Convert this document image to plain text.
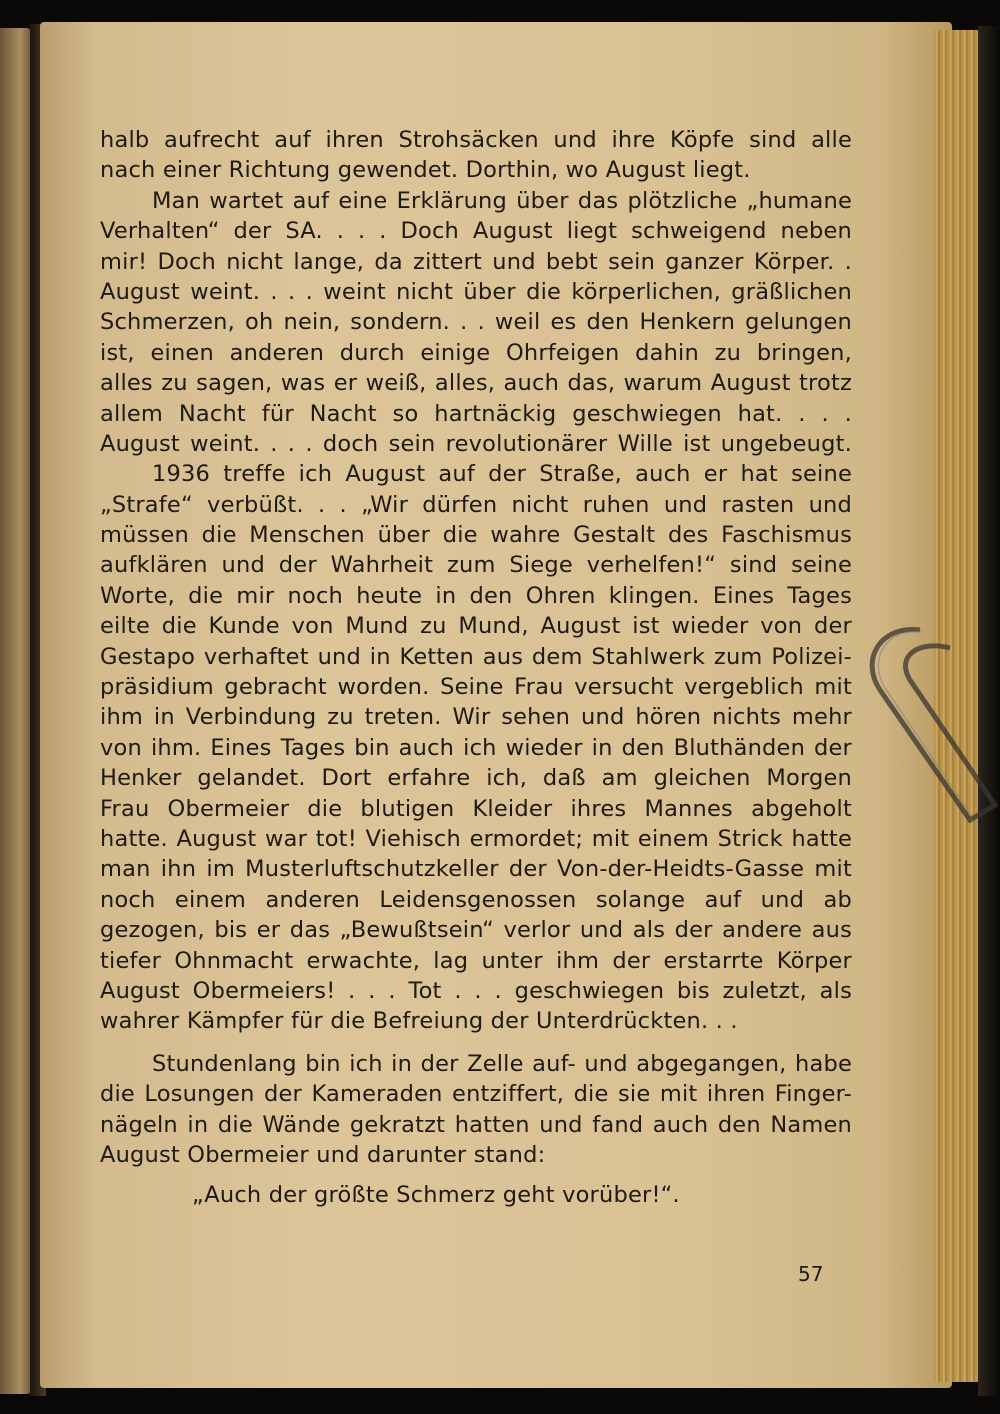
halb aufrecht auf ihren Strohsäcken und ihre Köpfe sind alle
nach einer Richtung gewendet. Dorthin, wo August liegt.
Man wartet auf eine Erklärung über das plötzliche „humane
Verhalten“ der SA. . . . Doch August liegt schweigend neben
mir! Doch nicht lange, da zittert und bebt sein ganzer Körper. .
August weint. . . . weint nicht über die körperlichen, gräßlichen
Schmerzen, oh nein, sondern. . . weil es den Henkern gelungen
ist, einen anderen durch einige Ohrfeigen dahin zu bringen,
alles zu sagen, was er weiß, alles, auch das, warum August trotz
allem Nacht für Nacht so hartnäckig geschwiegen hat. . . .
August weint. . . . doch sein revolutionärer Wille ist ungebeugt.
1936 treffe ich August auf der Straße, auch er hat seine
„Strafe“ verbüßt. . . „Wir dürfen nicht ruhen und rasten und
müssen die Menschen über die wahre Gestalt des Faschismus
aufklären und der Wahrheit zum Siege verhelfen!“ sind seine
Worte, die mir noch heute in den Ohren klingen. Eines Tages
eilte die Kunde von Mund zu Mund, August ist wieder von der
Gestapo verhaftet und in Ketten aus dem Stahlwerk zum Polizei-
präsidium gebracht worden. Seine Frau versucht vergeblich mit
ihm in Verbindung zu treten. Wir sehen und hören nichts mehr
von ihm. Eines Tages bin auch ich wieder in den Bluthänden der
Henker gelandet. Dort erfahre ich, daß am gleichen Morgen
Frau Obermeier die blutigen Kleider ihres Mannes abgeholt
hatte. August war tot! Viehisch ermordet; mit einem Strick hatte
man ihn im Musterluftschutzkeller der Von-der-Heidts-Gasse mit
noch einem anderen Leidensgenossen solange auf und ab
gezogen, bis er das „Bewußtsein“ verlor und als der andere aus
tiefer Ohnmacht erwachte, lag unter ihm der erstarrte Körper
August Obermeiers! . . . Tot . . . geschwiegen bis zuletzt, als
wahrer Kämpfer für die Befreiung der Unterdrückten. . .
Stundenlang bin ich in der Zelle auf- und abgegangen, habe
die Losungen der Kameraden entziffert, die sie mit ihren Finger-
nägeln in die Wände gekratzt hatten und fand auch den Namen
August Obermeier und darunter stand:
„Auch der größte Schmerz geht vorüber!“.
57
